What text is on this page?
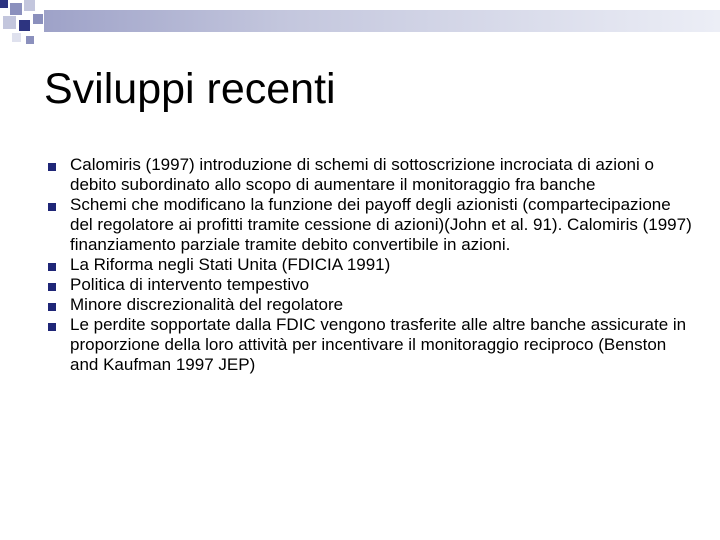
Sviluppi recenti
Calomiris (1997) introduzione di schemi di sottoscrizione incrociata di azioni o debito subordinato allo scopo di aumentare il monitoraggio fra banche
Schemi che modificano la funzione dei payoff degli azionisti (compartecipazione del regolatore ai profitti tramite cessione di azioni)(John et al. 91). Calomiris (1997) finanziamento parziale tramite debito convertibile in azioni.
La Riforma negli Stati Unita (FDICIA 1991)
Politica di intervento tempestivo
Minore discrezionalità del regolatore
Le perdite sopportate dalla FDIC vengono trasferite alle altre banche assicurate in proporzione della loro attività per incentivare il monitoraggio reciproco (Benston and Kaufman 1997 JEP)
